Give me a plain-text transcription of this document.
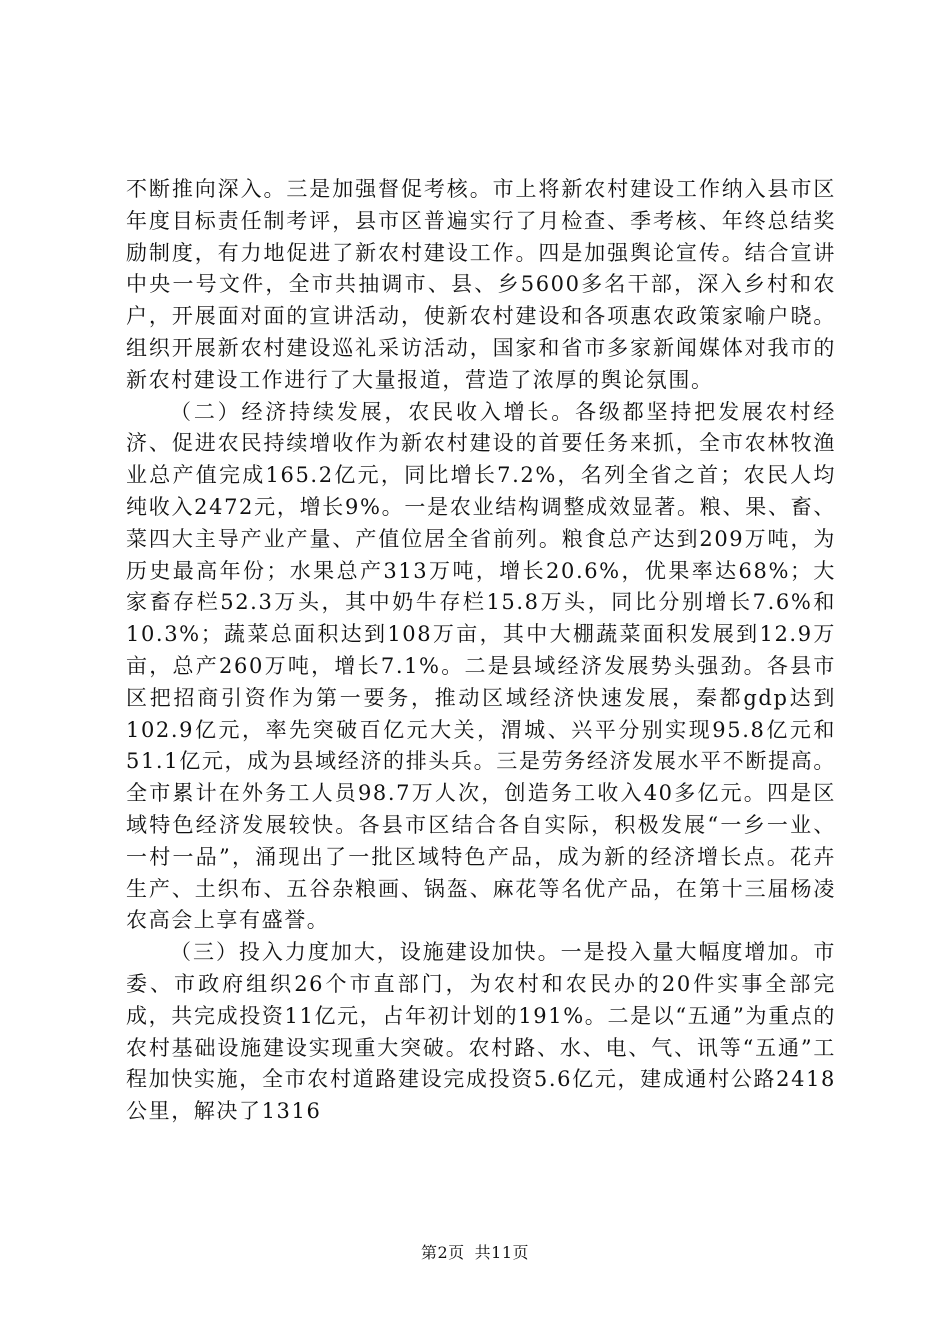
不断推向深入。三是加强督促考核。市上将新农村建设工作纳入县市区年度目标责任制考评，县市区普遍实行了月检查、季考核、年终总结奖励制度，有力地促进了新农村建设工作。四是加强舆论宣传。结合宣讲中央一号文件，全市共抽调市、县、乡5600多名干部，深入乡村和农户，开展面对面的宣讲活动，使新农村建设和各项惠农政策家喻户晓。组织开展新农村建设巡礼采访活动，国家和省市多家新闻媒体对我市的新农村建设工作进行了大量报道，营造了浓厚的舆论氛围。

（二）经济持续发展，农民收入增长。各级都坚持把发展农村经济、促进农民持续增收作为新农村建设的首要任务来抓，全市农林牧渔业总产值完成165.2亿元，同比增长7.2%，名列全省之首；农民人均纯收入2472元，增长9%。一是农业结构调整成效显著。粮、果、畜、菜四大主导产业产量、产值位居全省前列。粮食总产达到209万吨，为历史最高年份；水果总产313万吨，增长20.6%，优果率达68%；大家畜存栏52.3万头，其中奶牛存栏15.8万头，同比分别增长7.6%和10.3%；蔬菜总面积达到108万亩，其中大棚蔬菜面积发展到12.9万亩，总产260万吨，增长7.1%。二是县域经济发展势头强劲。各县市区把招商引资作为第一要务，推动区域经济快速发展，秦都gdp达到102.9亿元，率先突破百亿元大关，渭城、兴平分别实现95.8亿元和51.1亿元，成为县域经济的排头兵。三是劳务经济发展水平不断提高。全市累计在外务工人员98.7万人次，创造务工收入40多亿元。四是区域特色经济发展较快。各县市区结合各自实际，积极发展“一乡一业、一村一品”，涌现出了一批区域特色产品，成为新的经济增长点。花卉生产、土织布、五谷杂粮画、锅盔、麻花等名优产品，在第十三届杨凌农高会上享有盛誉。

（三）投入力度加大，设施建设加快。一是投入量大幅度增加。市委、市政府组织26个市直部门，为农村和农民办的20件实事全部完成，共完成投资11亿元，占年初计划的191%。二是以“五通”为重点的农村基础设施建设实现重大突破。农村路、水、电、气、讯等“五通”工程加快实施，全市农村道路建设完成投资5.6亿元，建成通村公路2418公里，解决了1316

第2页 共11页
